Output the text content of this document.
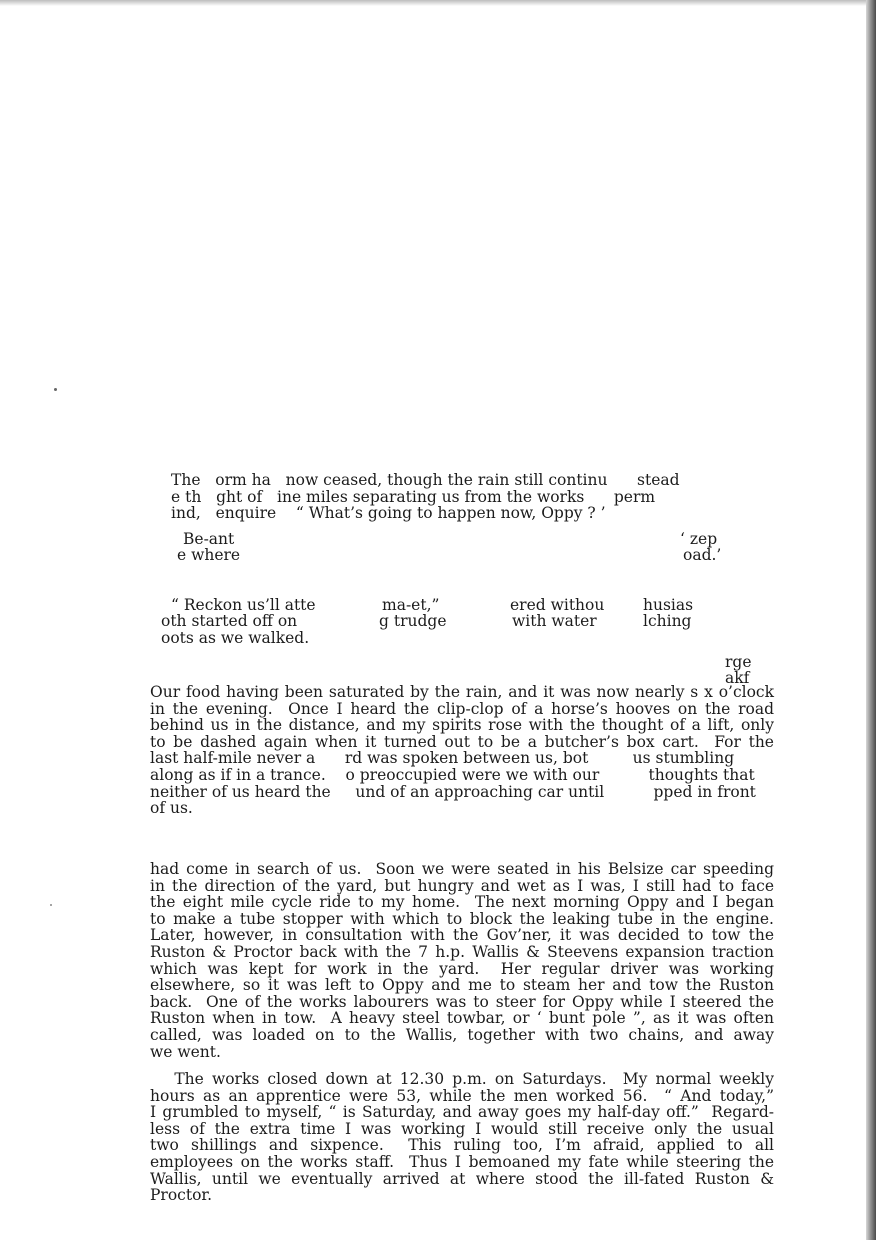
The   orm ha   now ceased, though the rain still continu      stead
e th   ght of   ine miles separating us from the works      perm
ind,   enquire    “ What’s going to happen now, Oppy ? ’
Be-ant
e where
‘ zep
oad.’
“ Reckon us’ll atte
oth started off on
oots as we walked.
ma-et,”
g trudge
ered withou
with water
husias
lching
rge
akf
Our food having been saturated by the rain, and it was now nearly s x o’clock
in the evening.  Once I heard the clip-clop of a horse’s hooves on the road
behind us in the distance, and my spirits rose with the thought of a lift, only
to be dashed again when it turned out to be a butcher’s box cart.  For the
last half-mile never a      rd was spoken between us, bot         us stumbling
along as if in a trance.    o preoccupied were we with our          thoughts that
neither of us heard the     und of an approaching car until          pped in front
of us.
had come in search of us.  Soon we were seated in his Belsize car speeding
in the direction of the yard, but hungry and wet as I was, I still had to face
the eight mile cycle ride to my home.  The next morning Oppy and I began
to make a tube stopper with which to block the leaking tube in the engine.
Later, however, in consultation with the Gov’ner, it was decided to tow the
Ruston & Proctor back with the 7 h.p. Wallis & Steevens expansion traction
which was kept for work in the yard.  Her regular driver was working
elsewhere, so it was left to Oppy and me to steam her and tow the Ruston
back.  One of the works labourers was to steer for Oppy while I steered the
Ruston when in tow.  A heavy steel towbar, or ‘ bunt pole ”, as it was often
called, was loaded on to the Wallis, together with two chains, and away
we went.
The works closed down at 12.30 p.m. on Saturdays.  My normal weekly
hours as an apprentice were 53, while the men worked 56.  “ And today,”
I grumbled to myself, “ is Saturday, and away goes my half-day off.”  Regard-
less of the extra time I was working I would still receive only the usual
two shillings and sixpence.  This ruling too, I’m afraid, applied to all
employees on the works staff.  Thus I bemoaned my fate while steering the
Wallis, until we eventually arrived at where stood the ill-fated Ruston &
Proctor.
